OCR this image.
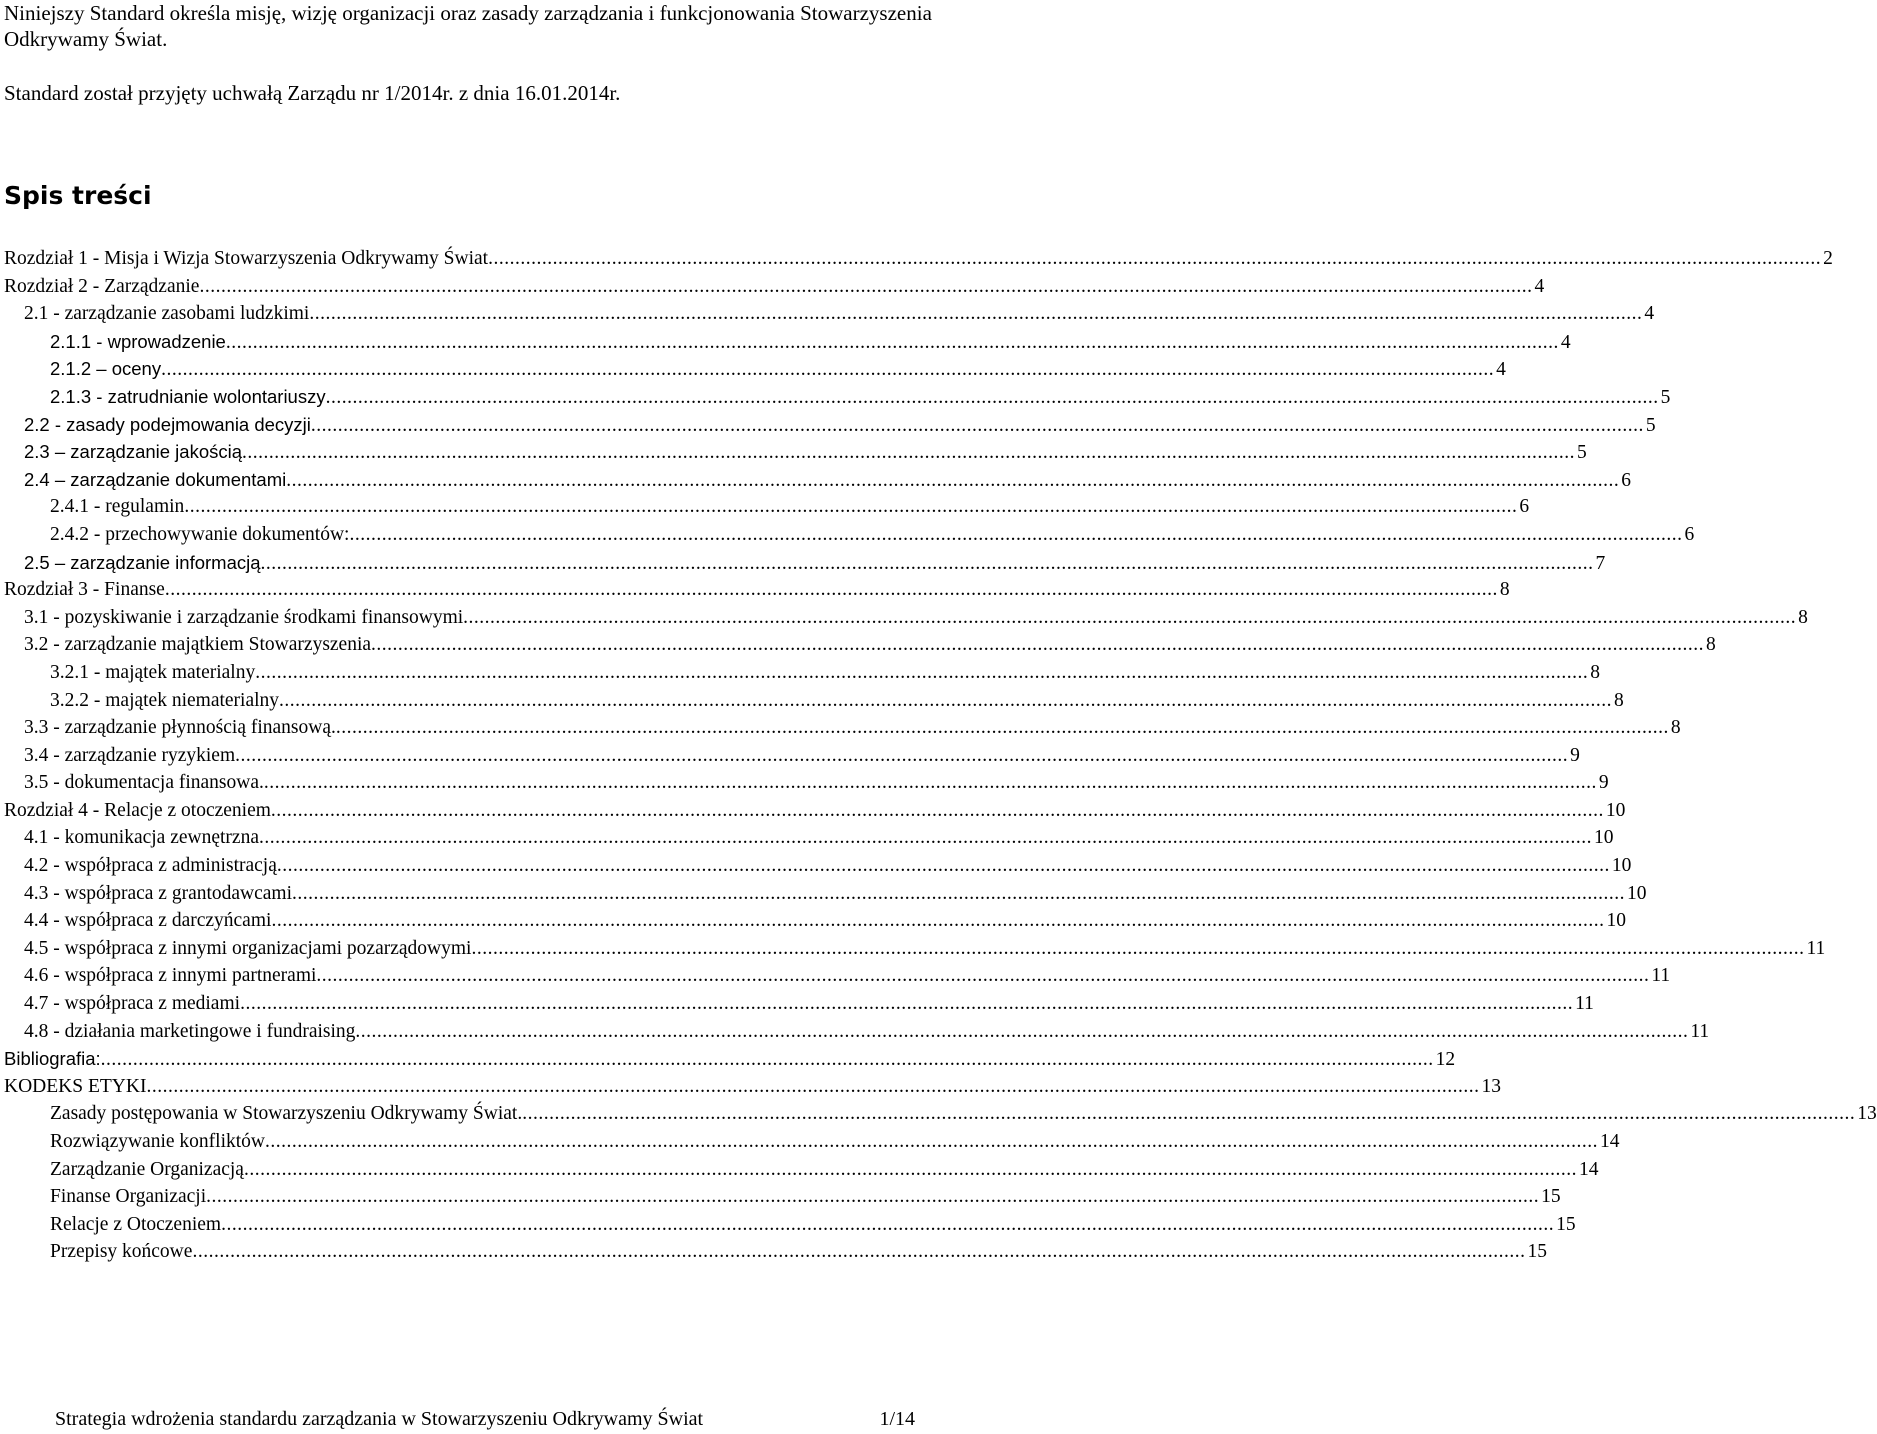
Niniejszy Standard określa misję, wizję organizacji oraz zasady zarządzania i funkcjonowania Stowarzyszenia Odkrywamy Świat.

Standard został przyjęty uchwałą Zarządu nr 1/2014r. z dnia 16.01.2014r.
Spis treści
Rozdział 1 - Misja i Wizja Stowarzyszenia Odkrywamy Świat .....	2
Rozdział 2 - Zarządzanie .....	4
2.1 - zarządzanie zasobami ludzkimi .....	4
2.1.1 - wprowadzenie .....	4
2.1.2 – oceny .....	4
2.1.3 - zatrudnianie wolontariuszy .....	5
2.2 - zasady podejmowania decyzji .....	5
2.3 – zarządzanie jakością .....	5
2.4 – zarządzanie dokumentami .....	6
2.4.1 - regulamin .....	6
2.4.2 - przechowywanie dokumentów: .....	6
2.5 – zarządzanie informacją .....	7
Rozdział 3 - Finanse .....	8
3.1 - pozyskiwanie i zarządzanie środkami finansowymi .....	8
3.2 - zarządzanie majątkiem Stowarzyszenia .....	8
3.2.1 - majątek materialny .....	8
3.2.2 - majątek niematerialny .....	8
3.3 - zarządzanie płynnością finansową. .....	8
3.4 - zarządzanie ryzykiem .....	9
3.5 - dokumentacja finansowa. .....	9
Rozdział 4 - Relacje z otoczeniem .....	10
4.1 - komunikacja zewnętrzna .....	10
4.2 - współpraca z administracją .....	10
4.3 - współpraca z grantodawcami .....	10
4.4 - współpraca z darczyńcami .....	10
4.5 - współpraca z innymi organizacjami pozarządowymi .....	11
4.6 - współpraca z innymi partnerami .....	11
4.7 - współpraca z mediami .....	11
4.8 - działania marketingowe i fundraising .....	11
Bibliografia: .....	12
KODEKS ETYKI .....	13
Zasady postępowania w Stowarzyszeniu Odkrywamy Świat. .....	13
Rozwiązywanie konfliktów .....	14
Zarządzanie Organizacją .....	14
Finanse Organizacji .....	15
Relacje z Otoczeniem .....	15
Przepisy końcowe .....	15
Strategia wdrożenia standardu zarządzania w Stowarzyszeniu Odkrywamy Świat	1/14
